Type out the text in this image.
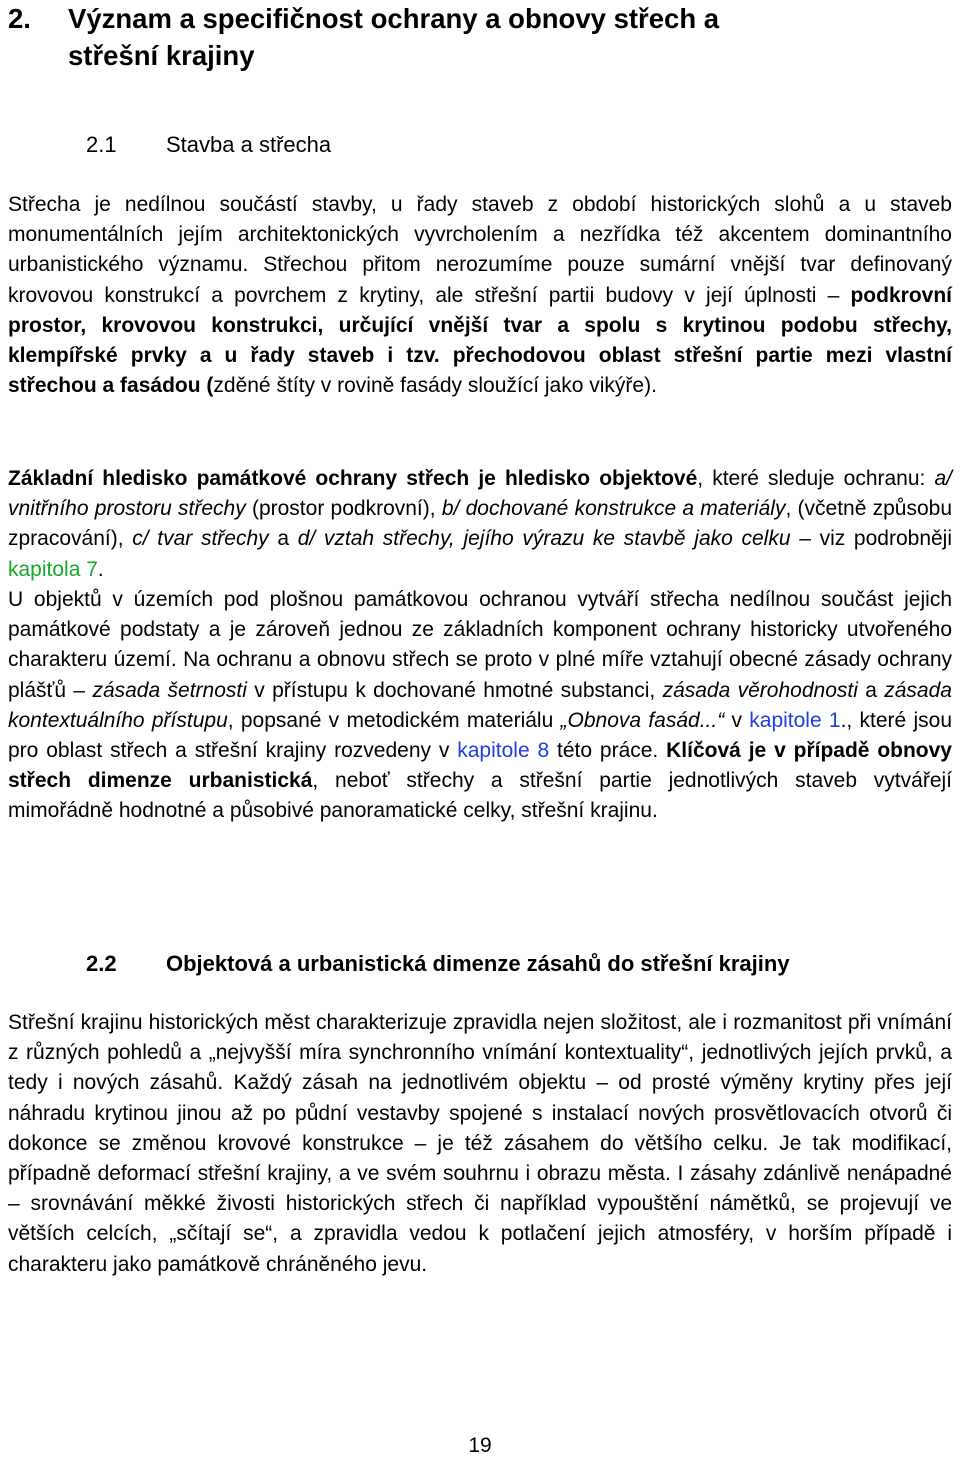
2. Význam a specifičnost ochrany a obnovy střech a
střešní krajiny
2.1 Stavba a střecha

Střecha je nedílnou součástí stavby, u řady staveb z období historických slohů a u staveb monumentálních jejím architektonických vyvrcholením a nezřídka též akcentem dominantního urbanistického významu. Střechou přitom nerozumíme pouze sumární vnější tvar definovaný krovovou konstrukcí a povrchem z krytiny, ale střešní partii budovy v její úplnosti – podkrovní prostor, krovovou konstrukci, určující vnější tvar a spolu s krytinou podobu střechy, klempířské prvky a u řady staveb i tzv. přechodovou oblast střešní partie mezi vlastní střechou a fasádou (zděné štíty v rovině fasády sloužící jako vikýře).

Základní hledisko památkové ochrany střech je hledisko objektové, které sleduje ochranu: a/ vnitřního prostoru střechy (prostor podkrovní), b/ dochované konstrukce a materiály, (včetně způsobu zpracování), c/ tvar střechy a d/ vztah střechy, jejího výrazu ke stavbě jako celku – viz podrobněji kapitola 7.

U objektů v územích pod plošnou památkovou ochranou vytváří střecha nedílnou součást jejich památkové podstaty a je zároveň jednou ze základních komponent ochrany historicky utvořeného charakteru území. Na ochranu a obnovu střech se proto v plné míře vztahují obecné zásady ochrany plášťů – zásada šetrnosti v přístupu k dochované hmotné substanci, zásada věrohodnosti a zásada kontextuálního přístupu, popsané v metodickém materiálu „Obnova fasád...“ v kapitole 1., které jsou pro oblast střech a střešní krajiny rozvedeny v kapitole 8 této práce. Klíčová je v případě obnovy střech dimenze urbanistická, neboť střechy a střešní partie jednotlivých staveb vytvářejí mimořádně hodnotné a působivé panoramatické celky, střešní krajinu.

2.2 Objektová a urbanistická dimenze zásahů do střešní krajiny

Střešní krajinu historických měst charakterizuje zpravidla nejen složitost, ale i rozmanitost při vnímání z různých pohledů a „nejvyšší míra synchronního vnímání kontextuality“, jednotlivých jejích prvků, a tedy i nových zásahů. Každý zásah na jednotlivém objektu – od prosté výměny krytiny přes její náhradu krytinou jinou až po půdní vestavby spojené s instalací nových prosvětlovacích otvorů či dokonce se změnou krovové konstrukce – je též zásahem do většího celku. Je tak modifikací, případně deformací střešní krajiny, a ve svém souhrnu i obrazu města. I zásahy zdánlivě nenápadné – srovnávání měkké živosti historických střech či například vypouštění námětků, se projevují ve větších celcích, „sčítají se“, a zpravidla vedou k potlačení jejich atmosféry, v horším případě i charakteru jako památkově chráněného jevu.

19
